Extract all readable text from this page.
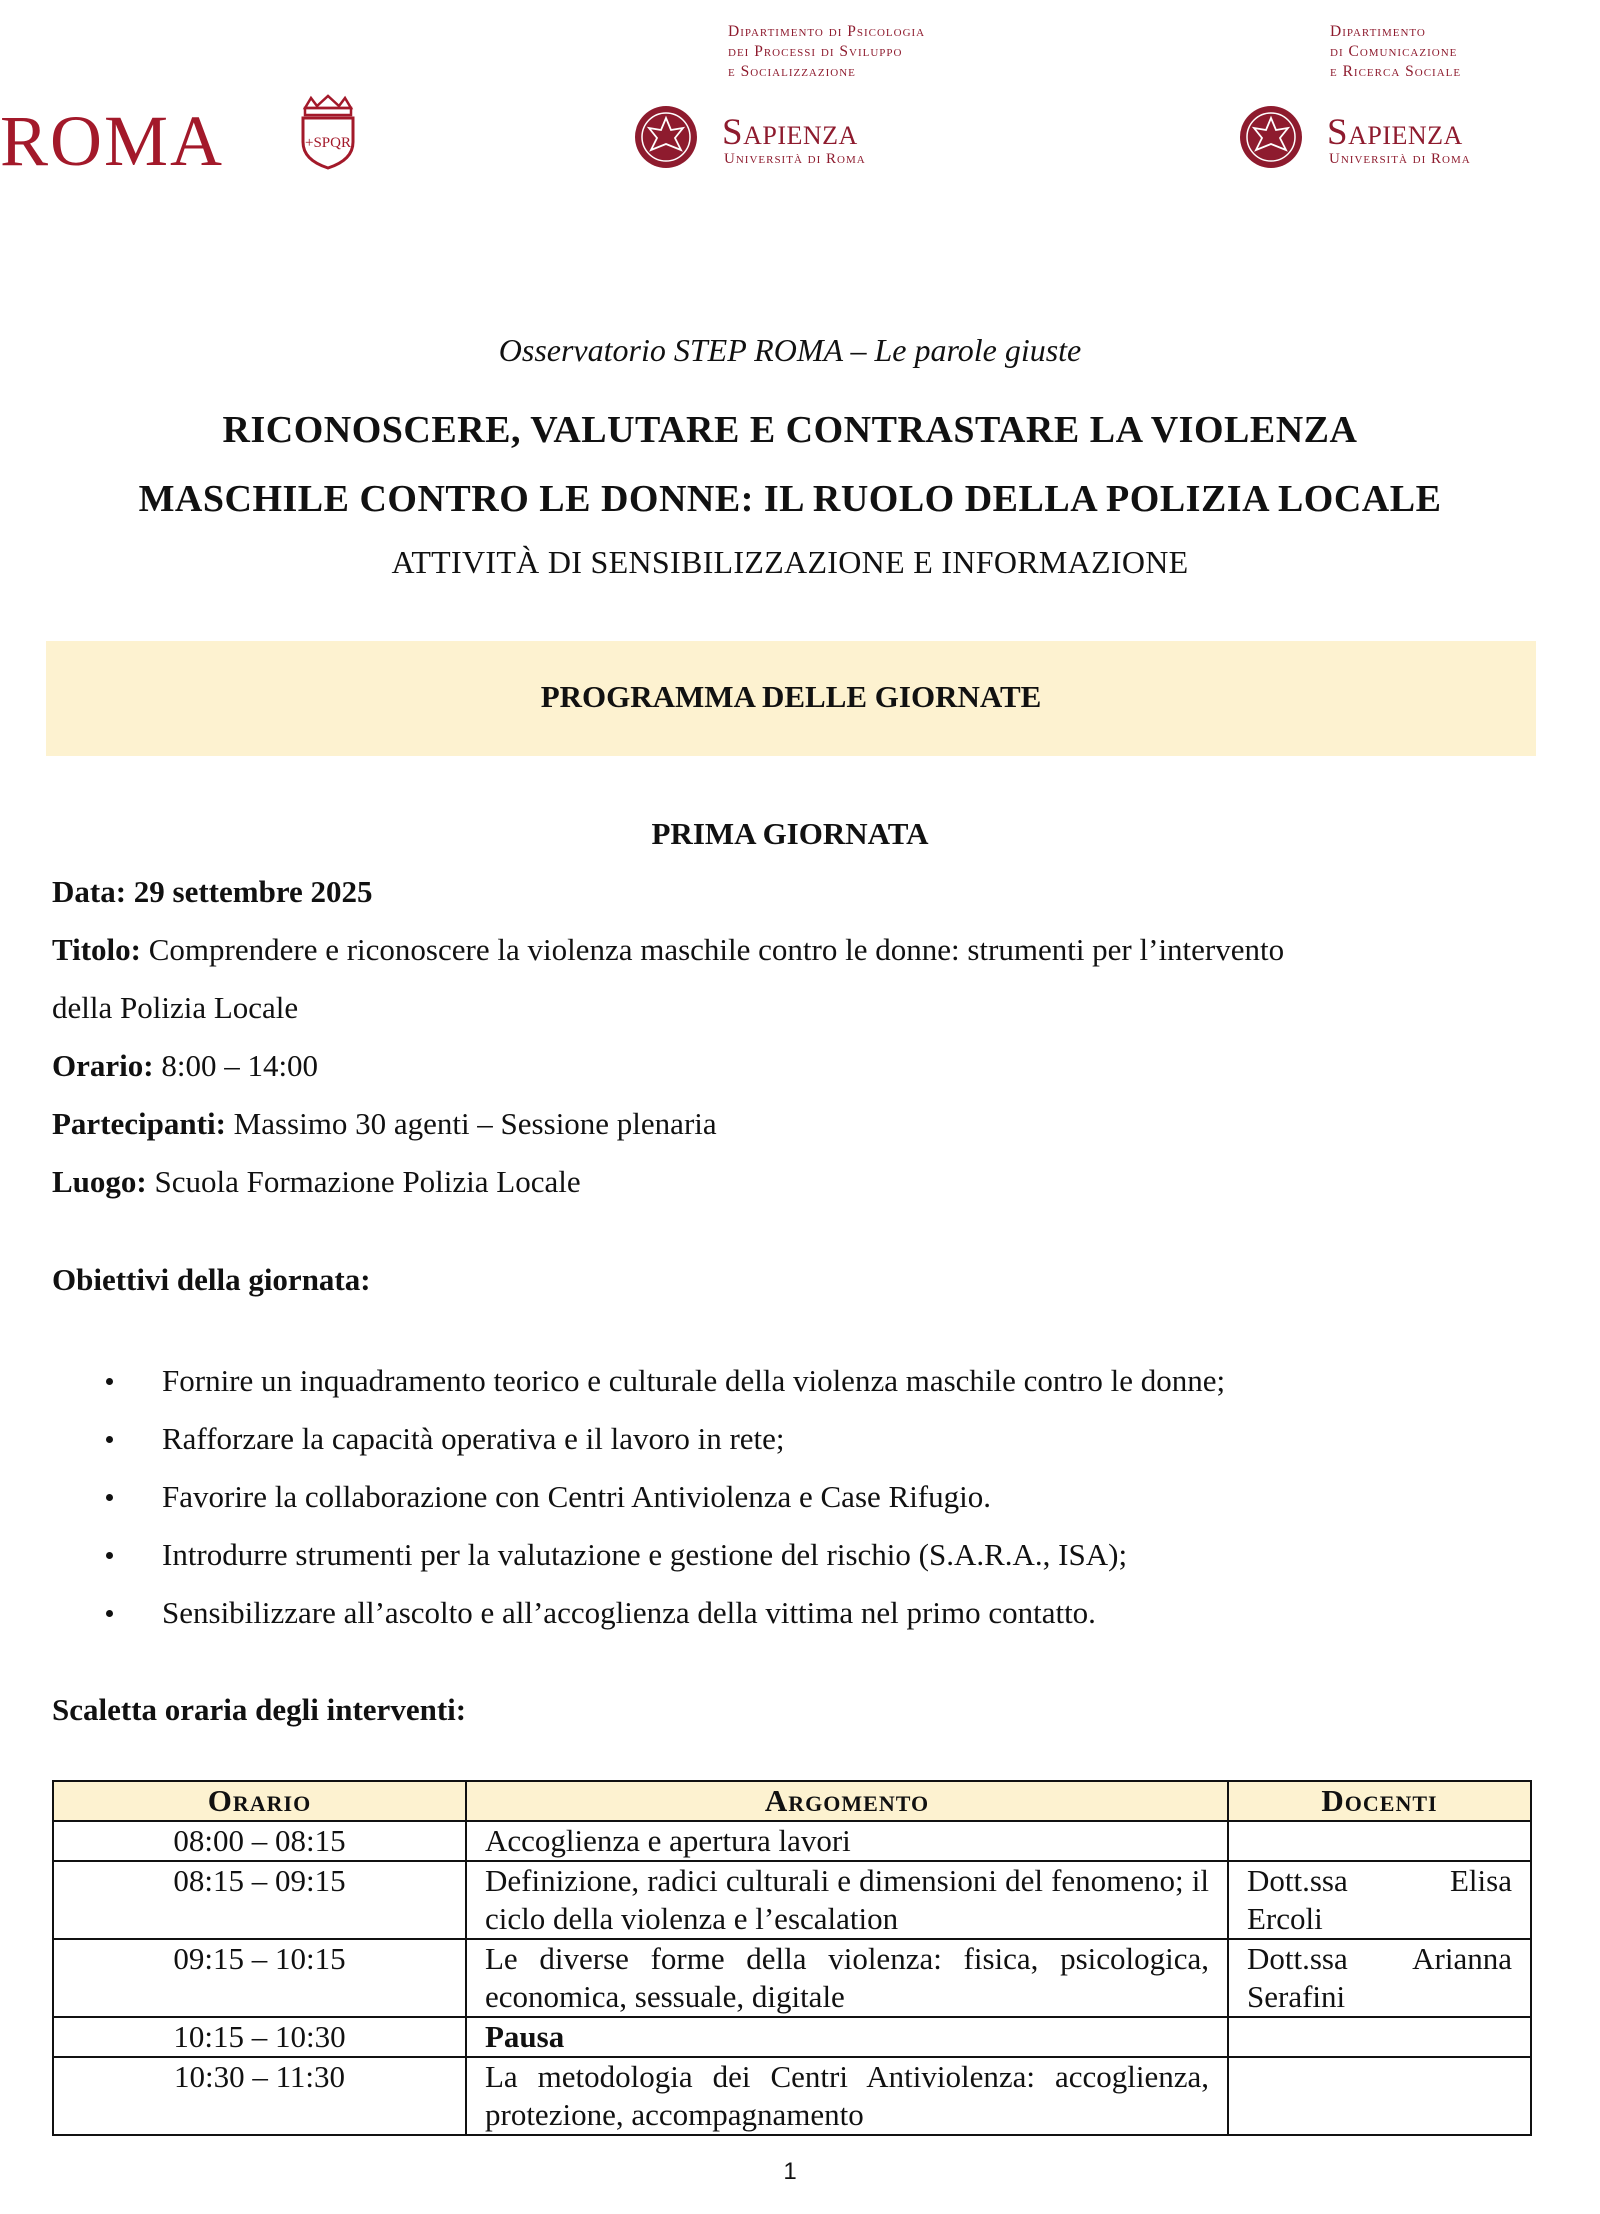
ROMA	+SPQR
Dipartimento di Psicologia
dei Processi di Sviluppo
e Socializzazione
Sapienza
Università di Roma
Dipartimento
di Comunicazione
e Ricerca Sociale
Sapienza
Università di Roma
Osservatorio STEP ROMA – Le parole giuste
RICONOSCERE, VALUTARE E CONTRASTARE LA VIOLENZA
MASCHILE CONTRO LE DONNE: IL RUOLO DELLA POLIZIA LOCALE
ATTIVITÀ DI SENSIBILIZZAZIONE E INFORMAZIONE
PROGRAMMA DELLE GIORNATE
PRIMA GIORNATA
Data: 29 settembre 2025
Titolo: Comprendere e riconoscere la violenza maschile contro le donne: strumenti per l’intervento
della Polizia Locale
Orario: 8:00 – 14:00
Partecipanti: Massimo 30 agenti – Sessione plenaria
Luogo: Scuola Formazione Polizia Locale
Obiettivi della giornata:
Fornire un inquadramento teorico e culturale della violenza maschile contro le donne;
Rafforzare la capacità operativa e il lavoro in rete;
Favorire la collaborazione con Centri Antiviolenza e Case Rifugio.
Introdurre strumenti per la valutazione e gestione del rischio (S.A.R.A., ISA);
Sensibilizzare all’ascolto e all’accoglienza della vittima nel primo contatto.
Scaletta oraria degli interventi:
Orario	Argomento	Docenti
08:00 – 08:15	Accoglienza e apertura lavori	
08:15 – 09:15	Definizione, radici culturali e dimensioni del fenomeno; il ciclo della violenza e l’escalation	Dott.ssa Elisa
Ercoli

09:15 – 10:15	Le diverse forme della violenza: fisica, psicologica, economica, sessuale, digitale	Dott.ssa Arianna
Serafini

10:15 – 10:30	Pausa	
10:30 – 11:30	La metodologia dei Centri Antiviolenza: accoglienza, protezione, accompagnamento	
1
